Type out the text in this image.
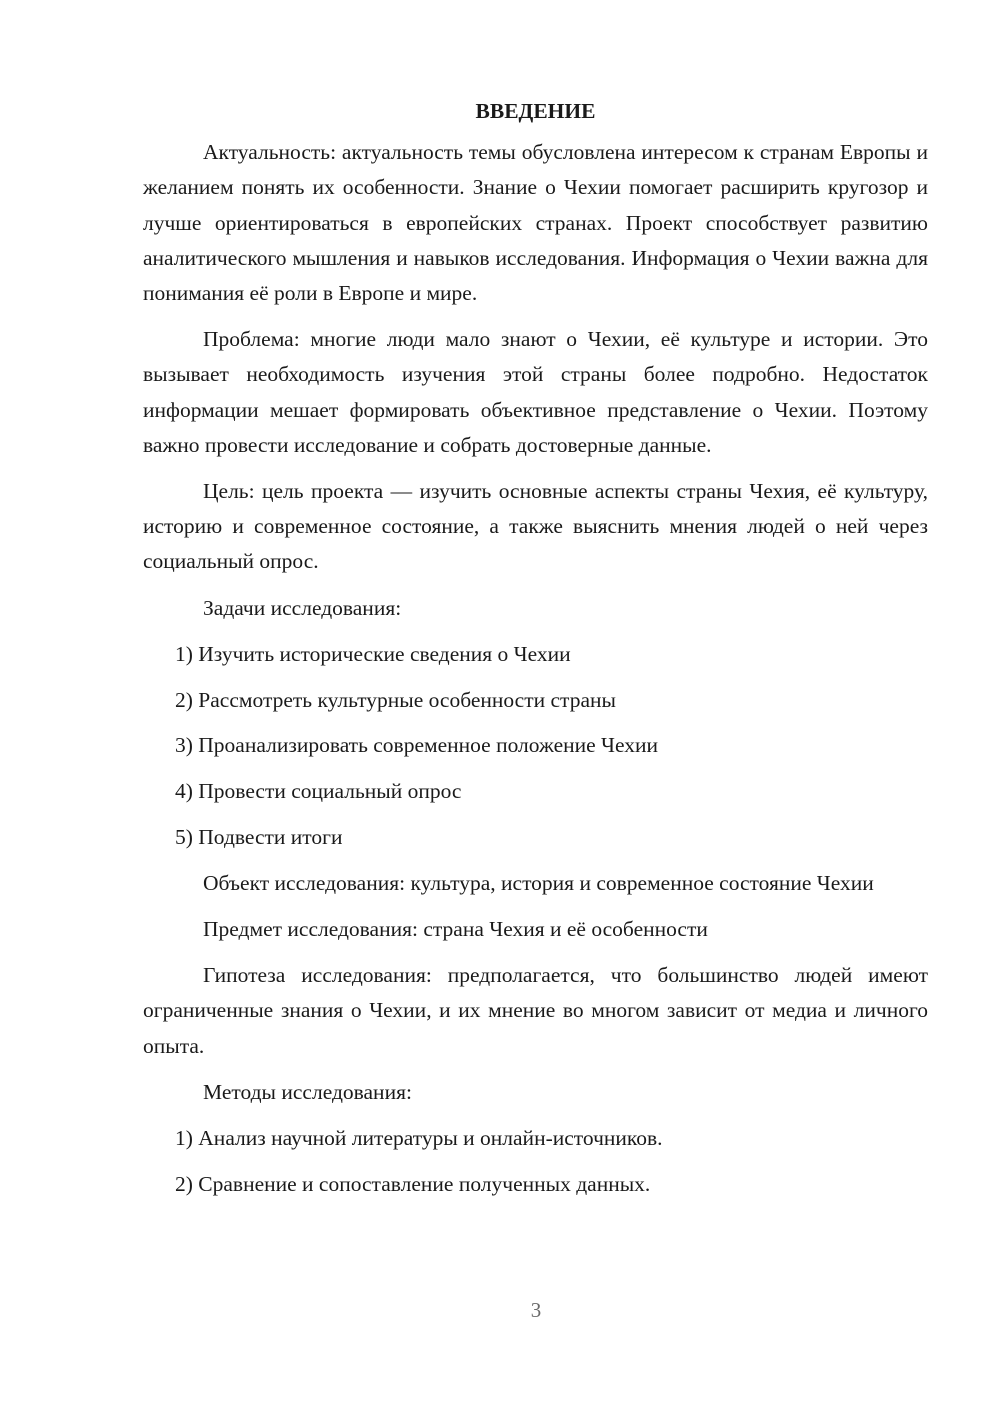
ВВЕДЕНИЕ

Актуальность: актуальность темы обусловлена интересом к странам Европы и желанием понять их особенности. Знание о Чехии помогает расширить кругозор и лучше ориентироваться в европейских странах. Проект способствует развитию аналитического мышления и навыков исследования. Информация о Чехии важна для понимания её роли в Европе и мире.

Проблема: многие люди мало знают о Чехии, её культуре и истории. Это вызывает необходимость изучения этой страны более подробно. Недостаток информации мешает формировать объективное представление о Чехии. Поэтому важно провести исследование и собрать достоверные данные.

Цель: цель проекта — изучить основные аспекты страны Чехия, её культуру, историю и современное состояние, а также выяснить мнения людей о ней через социальный опрос.

Задачи исследования:

1) Изучить исторические сведения о Чехии
2) Рассмотреть культурные особенности страны
3) Проанализировать современное положение Чехии
4) Провести социальный опрос
5) Подвести итоги

Объект исследования: культура, история и современное состояние Чехии

Предмет исследования: страна Чехия и её особенности

Гипотеза исследования: предполагается, что большинство людей имеют ограниченные знания о Чехии, и их мнение во многом зависит от медиа и личного опыта.

Методы исследования:

1) Анализ научной литературы и онлайн-источников.
2) Сравнение и сопоставление полученных данных.
3
